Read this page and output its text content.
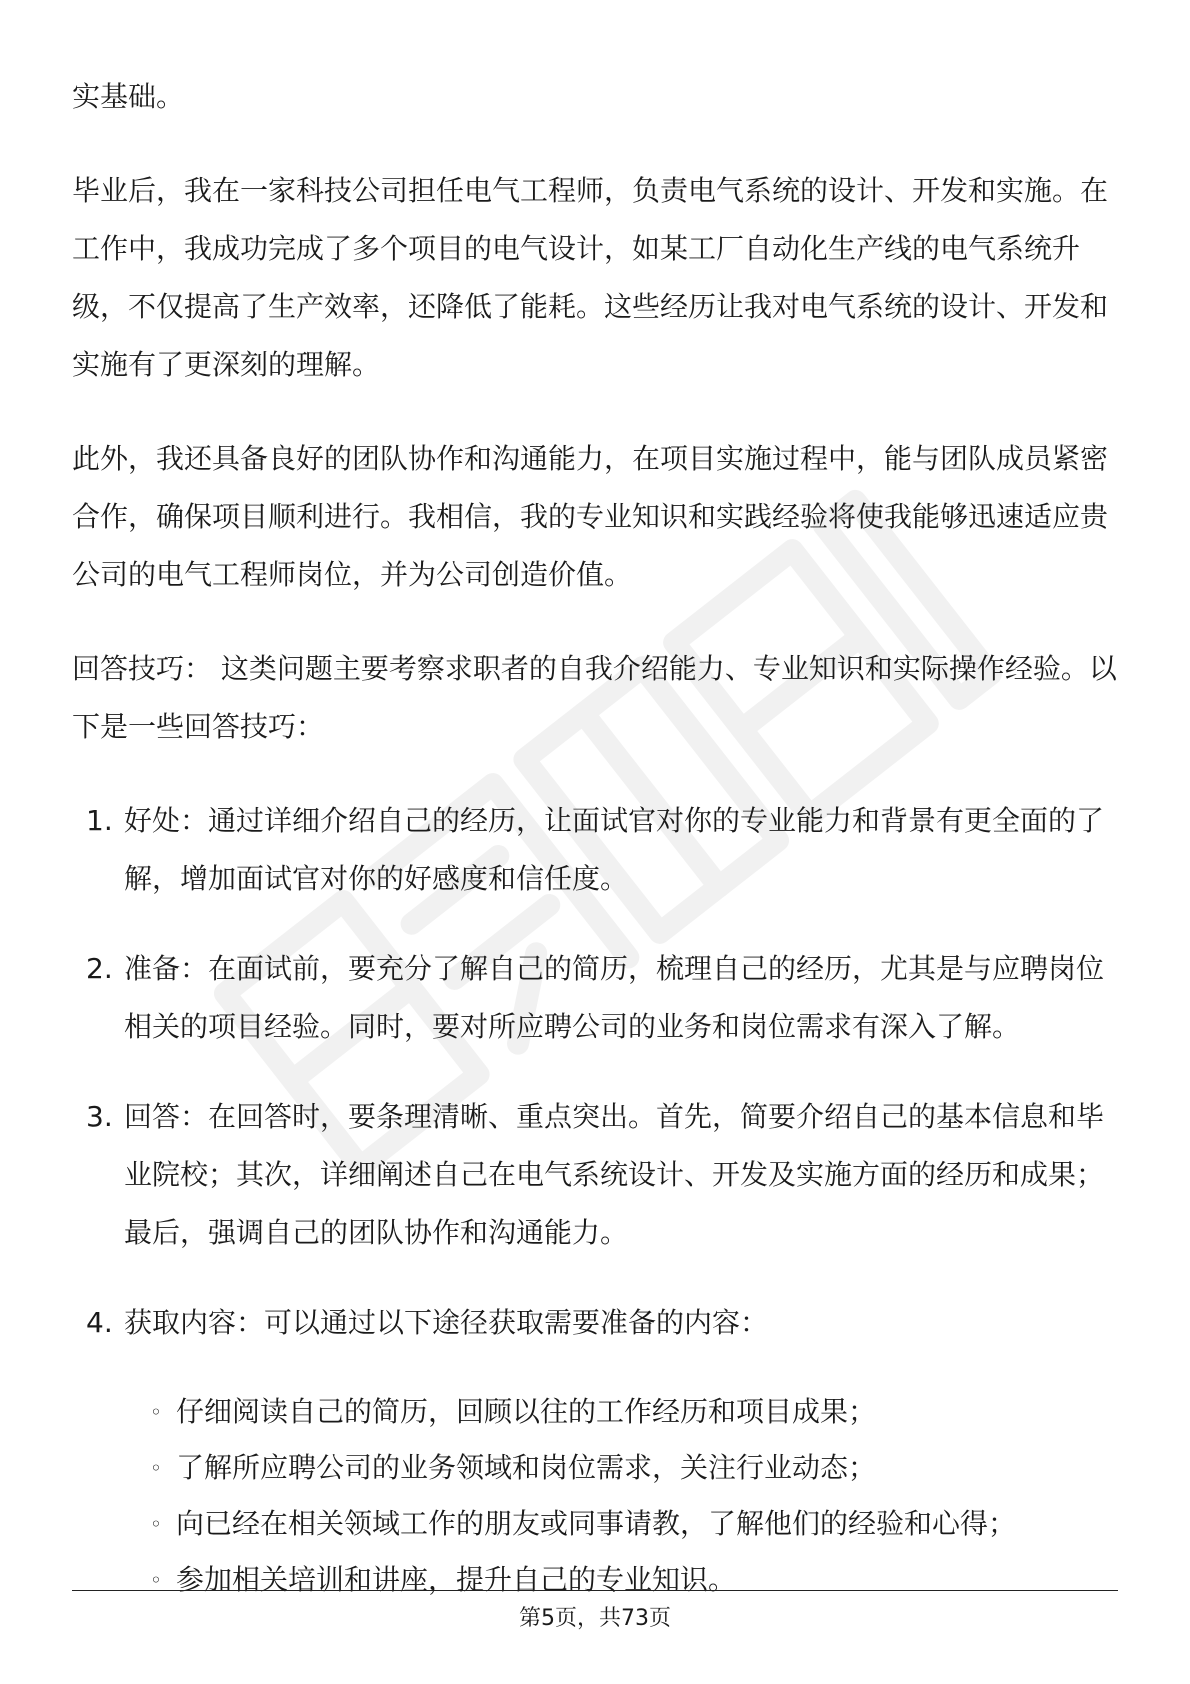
实基础。

毕业后，我在一家科技公司担任电气工程师，负责电气系统的设计、开发和实施。在工作中，我成功完成了多个项目的电气设计，如某工厂自动化生产线的电气系统升级，不仅提高了生产效率，还降低了能耗。这些经历让我对电气系统的设计、开发和实施有了更深刻的理解。

此外，我还具备良好的团队协作和沟通能力，在项目实施过程中，能与团队成员紧密合作，确保项目顺利进行。我相信，我的专业知识和实践经验将使我能够迅速适应贵公司的电气工程师岗位，并为公司创造价值。

回答技巧： 这类问题主要考察求职者的自我介绍能力、专业知识和实际操作经验。以下是一些回答技巧：

1. 好处：通过详细介绍自己的经历，让面试官对你的专业能力和背景有更全面的了解，增加面试官对你的好感度和信任度。
2. 准备：在面试前，要充分了解自己的简历，梳理自己的经历，尤其是与应聘岗位相关的项目经验。同时，要对所应聘公司的业务和岗位需求有深入了解。
3. 回答：在回答时，要条理清晰、重点突出。首先，简要介绍自己的基本信息和毕业院校；其次，详细阐述自己在电气系统设计、开发及实施方面的经历和成果；最后，强调自己的团队协作和沟通能力。
4. 获取内容：可以通过以下途径获取需要准备的内容：
◦ 仔细阅读自己的简历，回顾以往的工作经历和项目成果；
◦ 了解所应聘公司的业务领域和岗位需求，关注行业动态；
◦ 向已经在相关领域工作的朋友或同事请教，了解他们的经验和心得；
◦ 参加相关培训和讲座，提升自己的专业知识。
第5页，共73页
